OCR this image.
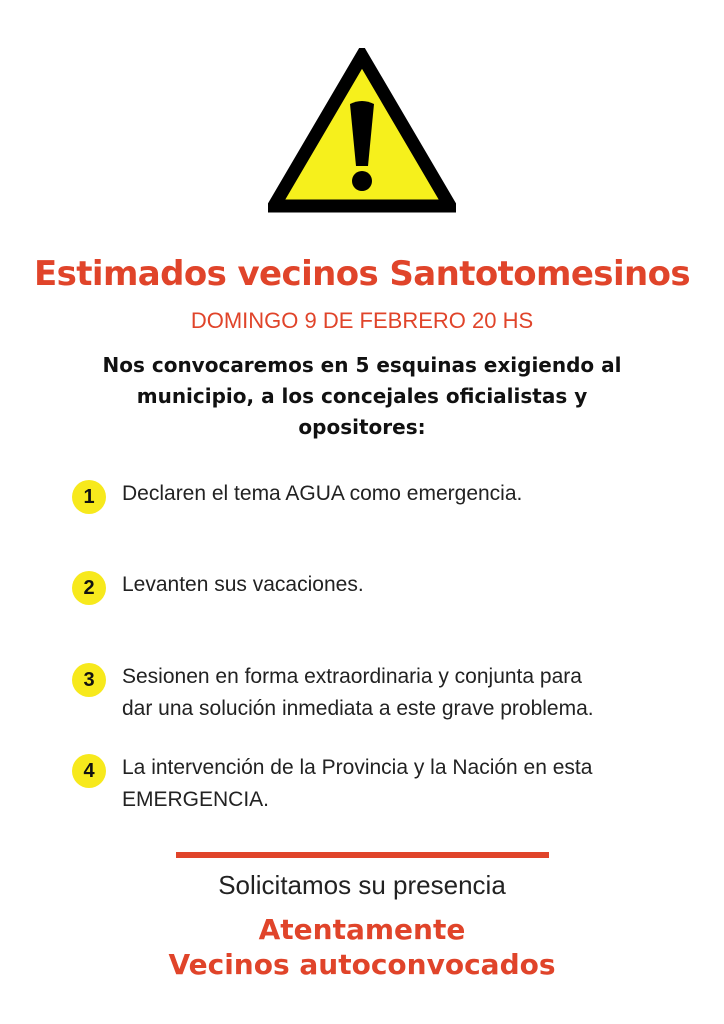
Estimados vecinos Santotomesinos
DOMINGO 9 DE FEBRERO 20 HS
Nos convocaremos en 5 esquinas exigiendo al
municipio, a los concejales oficialistas y
opositores:
1	Declaren el tema AGUA como emergencia.
2	Levanten sus vacaciones.
3	Sesionen en forma extraordinaria y conjunta para
dar una solución inmediata a este grave problema.
4	La intervención de la Provincia y la Nación en esta
EMERGENCIA.
Solicitamos su presencia
Atentamente
Vecinos autoconvocados
